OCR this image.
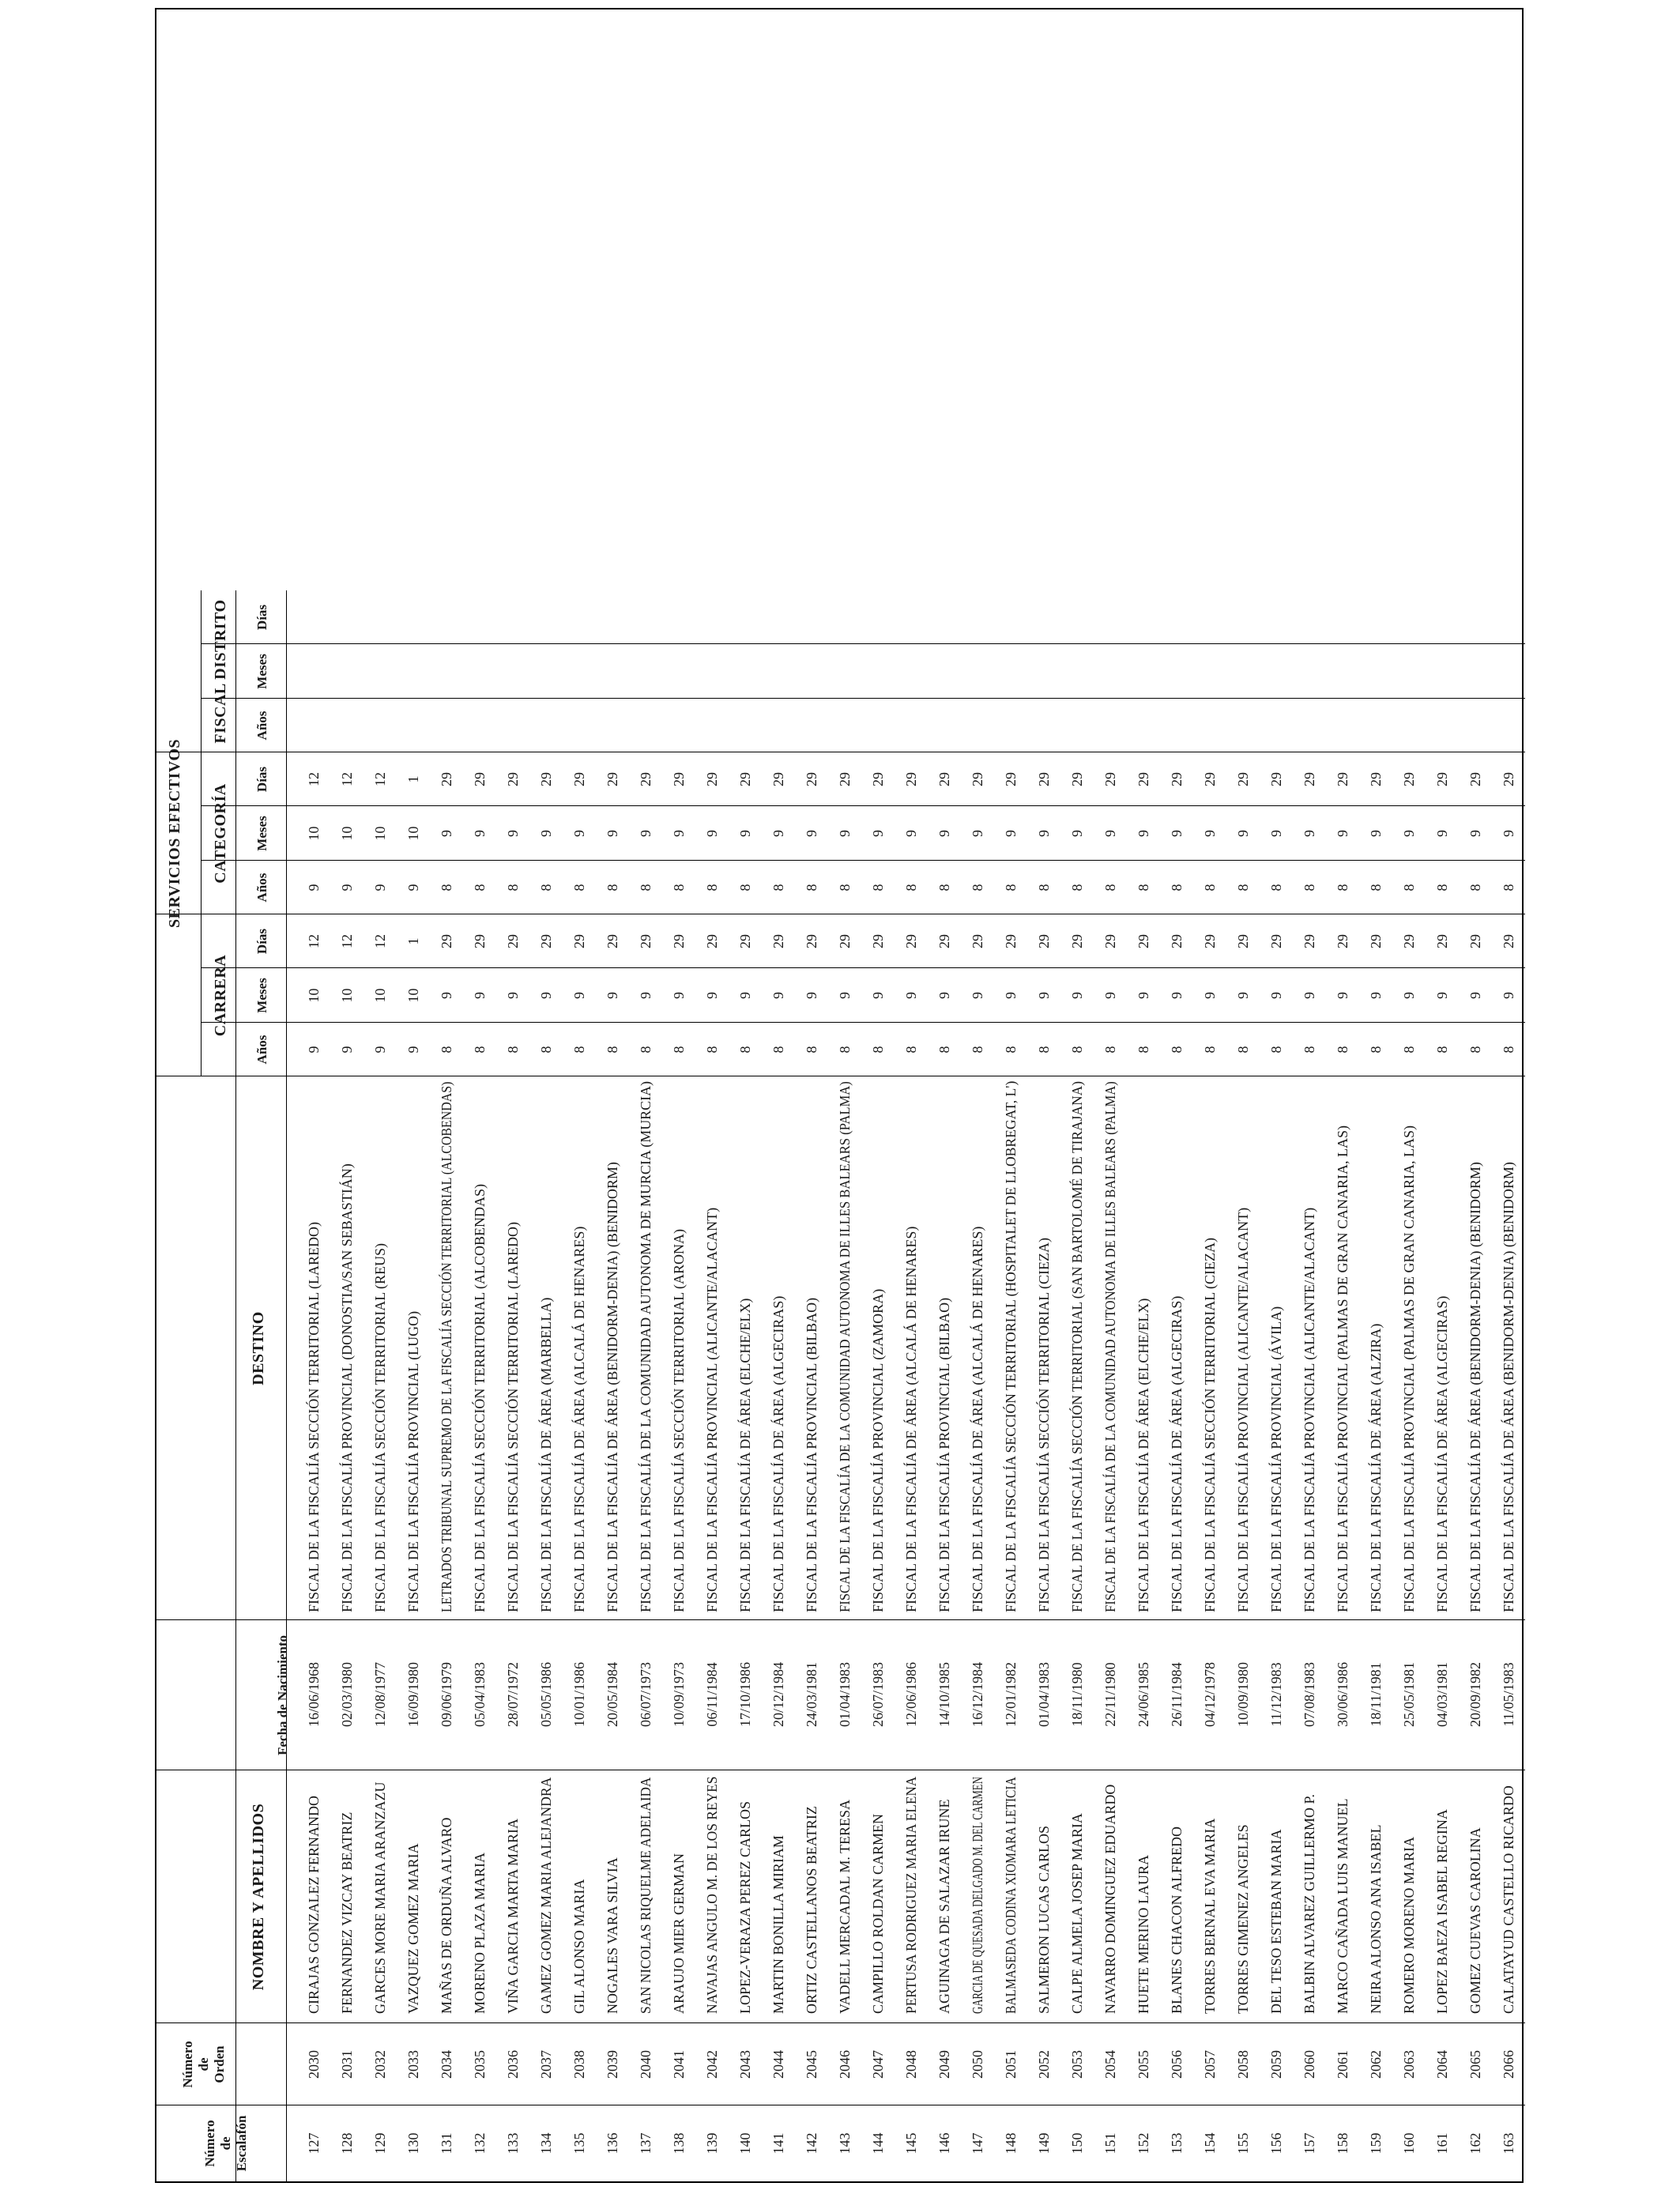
Número de Escalafón
Número de Orden
NOMBRE Y APELLIDOS
Fecha de Nacimiento
DESTINO
SERVICIOS EFECTIVOS
CARRERA
CATEGORÍA
FISCAL DISTRITO
Años
Meses
Días
Años
Meses
Días
Años
Meses
Días
127
2030
CIRAJAS GONZALEZ FERNANDO
16/06/1968
FISCAL DE LA FISCALÍA SECCIÓN TERRITORIAL (LAREDO)
9
10
12
9
10
12
128
2031
FERNANDEZ VIZCAY BEATRIZ
02/03/1980
FISCAL DE LA FISCALÍA PROVINCIAL (DONOSTIA/SAN SEBASTIÁN)
9
10
12
9
10
12
129
2032
GARCES MORE MARIA ARANZAZU
12/08/1977
FISCAL DE LA FISCALÍA SECCIÓN TERRITORIAL (REUS)
9
10
12
9
10
12
130
2033
VAZQUEZ GOMEZ MARIA
16/09/1980
FISCAL DE LA FISCALÍA PROVINCIAL (LUGO)
9
10
1
9
10
1
131
2034
MAÑAS DE ORDUÑA ALVARO
09/06/1979
LETRADOS TRIBUNAL SUPREMO DE LA FISCALÍA SECCIÓN TERRITORIAL (ALCOBENDAS)
8
9
29
8
9
29
132
2035
MORENO PLAZA MARIA
05/04/1983
FISCAL DE LA FISCALÍA SECCIÓN TERRITORIAL (ALCOBENDAS)
8
9
29
8
9
29
133
2036
VIÑA GARCIA MARTA MARIA
28/07/1972
FISCAL DE LA FISCALÍA SECCIÓN TERRITORIAL (LAREDO)
8
9
29
8
9
29
134
2037
GAMEZ GOMEZ MARIA ALEJANDRA
05/05/1986
FISCAL DE LA FISCALÍA DE ÁREA (MARBELLA)
8
9
29
8
9
29
135
2038
GIL ALONSO MARIA
10/01/1986
FISCAL DE LA FISCALÍA DE ÁREA (ALCALÁ DE HENARES)
8
9
29
8
9
29
136
2039
NOGALES VARA SILVIA
20/05/1984
FISCAL DE LA FISCALÍA DE ÁREA (BENIDORM-DENIA) (BENIDORM)
8
9
29
8
9
29
137
2040
SAN NICOLAS RIQUELME ADELAIDA
06/07/1973
FISCAL DE LA FISCALÍA DE LA COMUNIDAD AUTONOMA DE MURCIA (MURCIA)
8
9
29
8
9
29
138
2041
ARAUJO MIER GERMAN
10/09/1973
FISCAL DE LA FISCALÍA SECCIÓN TERRITORIAL (ARONA)
8
9
29
8
9
29
139
2042
NAVAJAS ANGULO M. DE LOS REYES
06/11/1984
FISCAL DE LA FISCALÍA PROVINCIAL (ALICANTE/ALACANT)
8
9
29
8
9
29
140
2043
LOPEZ-VERAZA PEREZ CARLOS
17/10/1986
FISCAL DE LA FISCALÍA DE ÁREA (ELCHE/ELX)
8
9
29
8
9
29
141
2044
MARTIN BONILLA MIRIAM
20/12/1984
FISCAL DE LA FISCALÍA DE ÁREA (ALGECIRAS)
8
9
29
8
9
29
142
2045
ORTIZ CASTELLANOS BEATRIZ
24/03/1981
FISCAL DE LA FISCALÍA PROVINCIAL (BILBAO)
8
9
29
8
9
29
143
2046
VADELL MERCADAL M. TERESA
01/04/1983
FISCAL DE LA FISCALÍA DE LA COMUNIDAD AUTONOMA DE ILLES BALEARS (PALMA)
8
9
29
8
9
29
144
2047
CAMPILLO ROLDAN CARMEN
26/07/1983
FISCAL DE LA FISCALÍA PROVINCIAL (ZAMORA)
8
9
29
8
9
29
145
2048
PERTUSA RODRIGUEZ MARIA ELENA
12/06/1986
FISCAL DE LA FISCALÍA DE ÁREA (ALCALÁ DE HENARES)
8
9
29
8
9
29
146
2049
AGUINAGA DE SALAZAR IRUNE
14/10/1985
FISCAL DE LA FISCALÍA PROVINCIAL (BILBAO)
8
9
29
8
9
29
147
2050
GARCIA DE QUESADA DELGADO M. DEL CARMEN
16/12/1984
FISCAL DE LA FISCALÍA DE ÁREA (ALCALÁ DE HENARES)
8
9
29
8
9
29
148
2051
BALMASEDA CODINA XIOMARA LETICIA
12/01/1982
FISCAL DE LA FISCALÍA SECCIÓN TERRITORIAL (HOSPITALET DE LLOBREGAT, L')
8
9
29
8
9
29
149
2052
SALMERON LUCAS CARLOS
01/04/1983
FISCAL DE LA FISCALÍA SECCIÓN TERRITORIAL (CIEZA)
8
9
29
8
9
29
150
2053
CALPE ALMELA JOSEP MARIA
18/11/1980
FISCAL DE LA FISCALÍA SECCIÓN TERRITORIAL (SAN BARTOLOMÉ DE TIRAJANA)
8
9
29
8
9
29
151
2054
NAVARRO DOMINGUEZ EDUARDO
22/11/1980
FISCAL DE LA FISCALÍA DE LA COMUNIDAD AUTONOMA DE ILLES BALEARS (PALMA)
8
9
29
8
9
29
152
2055
HUETE MERINO LAURA
24/06/1985
FISCAL DE LA FISCALÍA DE ÁREA (ELCHE/ELX)
8
9
29
8
9
29
153
2056
BLANES CHACON ALFREDO
26/11/1984
FISCAL DE LA FISCALÍA DE ÁREA (ALGECIRAS)
8
9
29
8
9
29
154
2057
TORRES BERNAL EVA MARIA
04/12/1978
FISCAL DE LA FISCALÍA SECCIÓN TERRITORIAL (CIEZA)
8
9
29
8
9
29
155
2058
TORRES GIMENEZ ANGELES
10/09/1980
FISCAL DE LA FISCALÍA PROVINCIAL (ALICANTE/ALACANT)
8
9
29
8
9
29
156
2059
DEL TESO ESTEBAN MARIA
11/12/1983
FISCAL DE LA FISCALÍA PROVINCIAL (ÁVILA)
8
9
29
8
9
29
157
2060
BALBIN ALVAREZ GUILLERMO P.
07/08/1983
FISCAL DE LA FISCALÍA PROVINCIAL (ALICANTE/ALACANT)
8
9
29
8
9
29
158
2061
MARCO CAÑADA LUIS MANUEL
30/06/1986
FISCAL DE LA FISCALÍA PROVINCIAL (PALMAS DE GRAN CANARIA, LAS)
8
9
29
8
9
29
159
2062
NEIRA ALONSO ANA ISABEL
18/11/1981
FISCAL DE LA FISCALÍA DE ÁREA (ALZIRA)
8
9
29
8
9
29
160
2063
ROMERO MORENO MARIA
25/05/1981
FISCAL DE LA FISCALÍA PROVINCIAL (PALMAS DE GRAN CANARIA, LAS)
8
9
29
8
9
29
161
2064
LOPEZ BAEZA ISABEL REGINA
04/03/1981
FISCAL DE LA FISCALÍA DE ÁREA (ALGECIRAS)
8
9
29
8
9
29
162
2065
GOMEZ CUEVAS CAROLINA
20/09/1982
FISCAL DE LA FISCALÍA DE ÁREA (BENIDORM-DENIA) (BENIDORM)
8
9
29
8
9
29
163
2066
CALATAYUD CASTELLO RICARDO
11/05/1983
FISCAL DE LA FISCALÍA DE ÁREA (BENIDORM-DENIA) (BENIDORM)
8
9
29
8
9
29
